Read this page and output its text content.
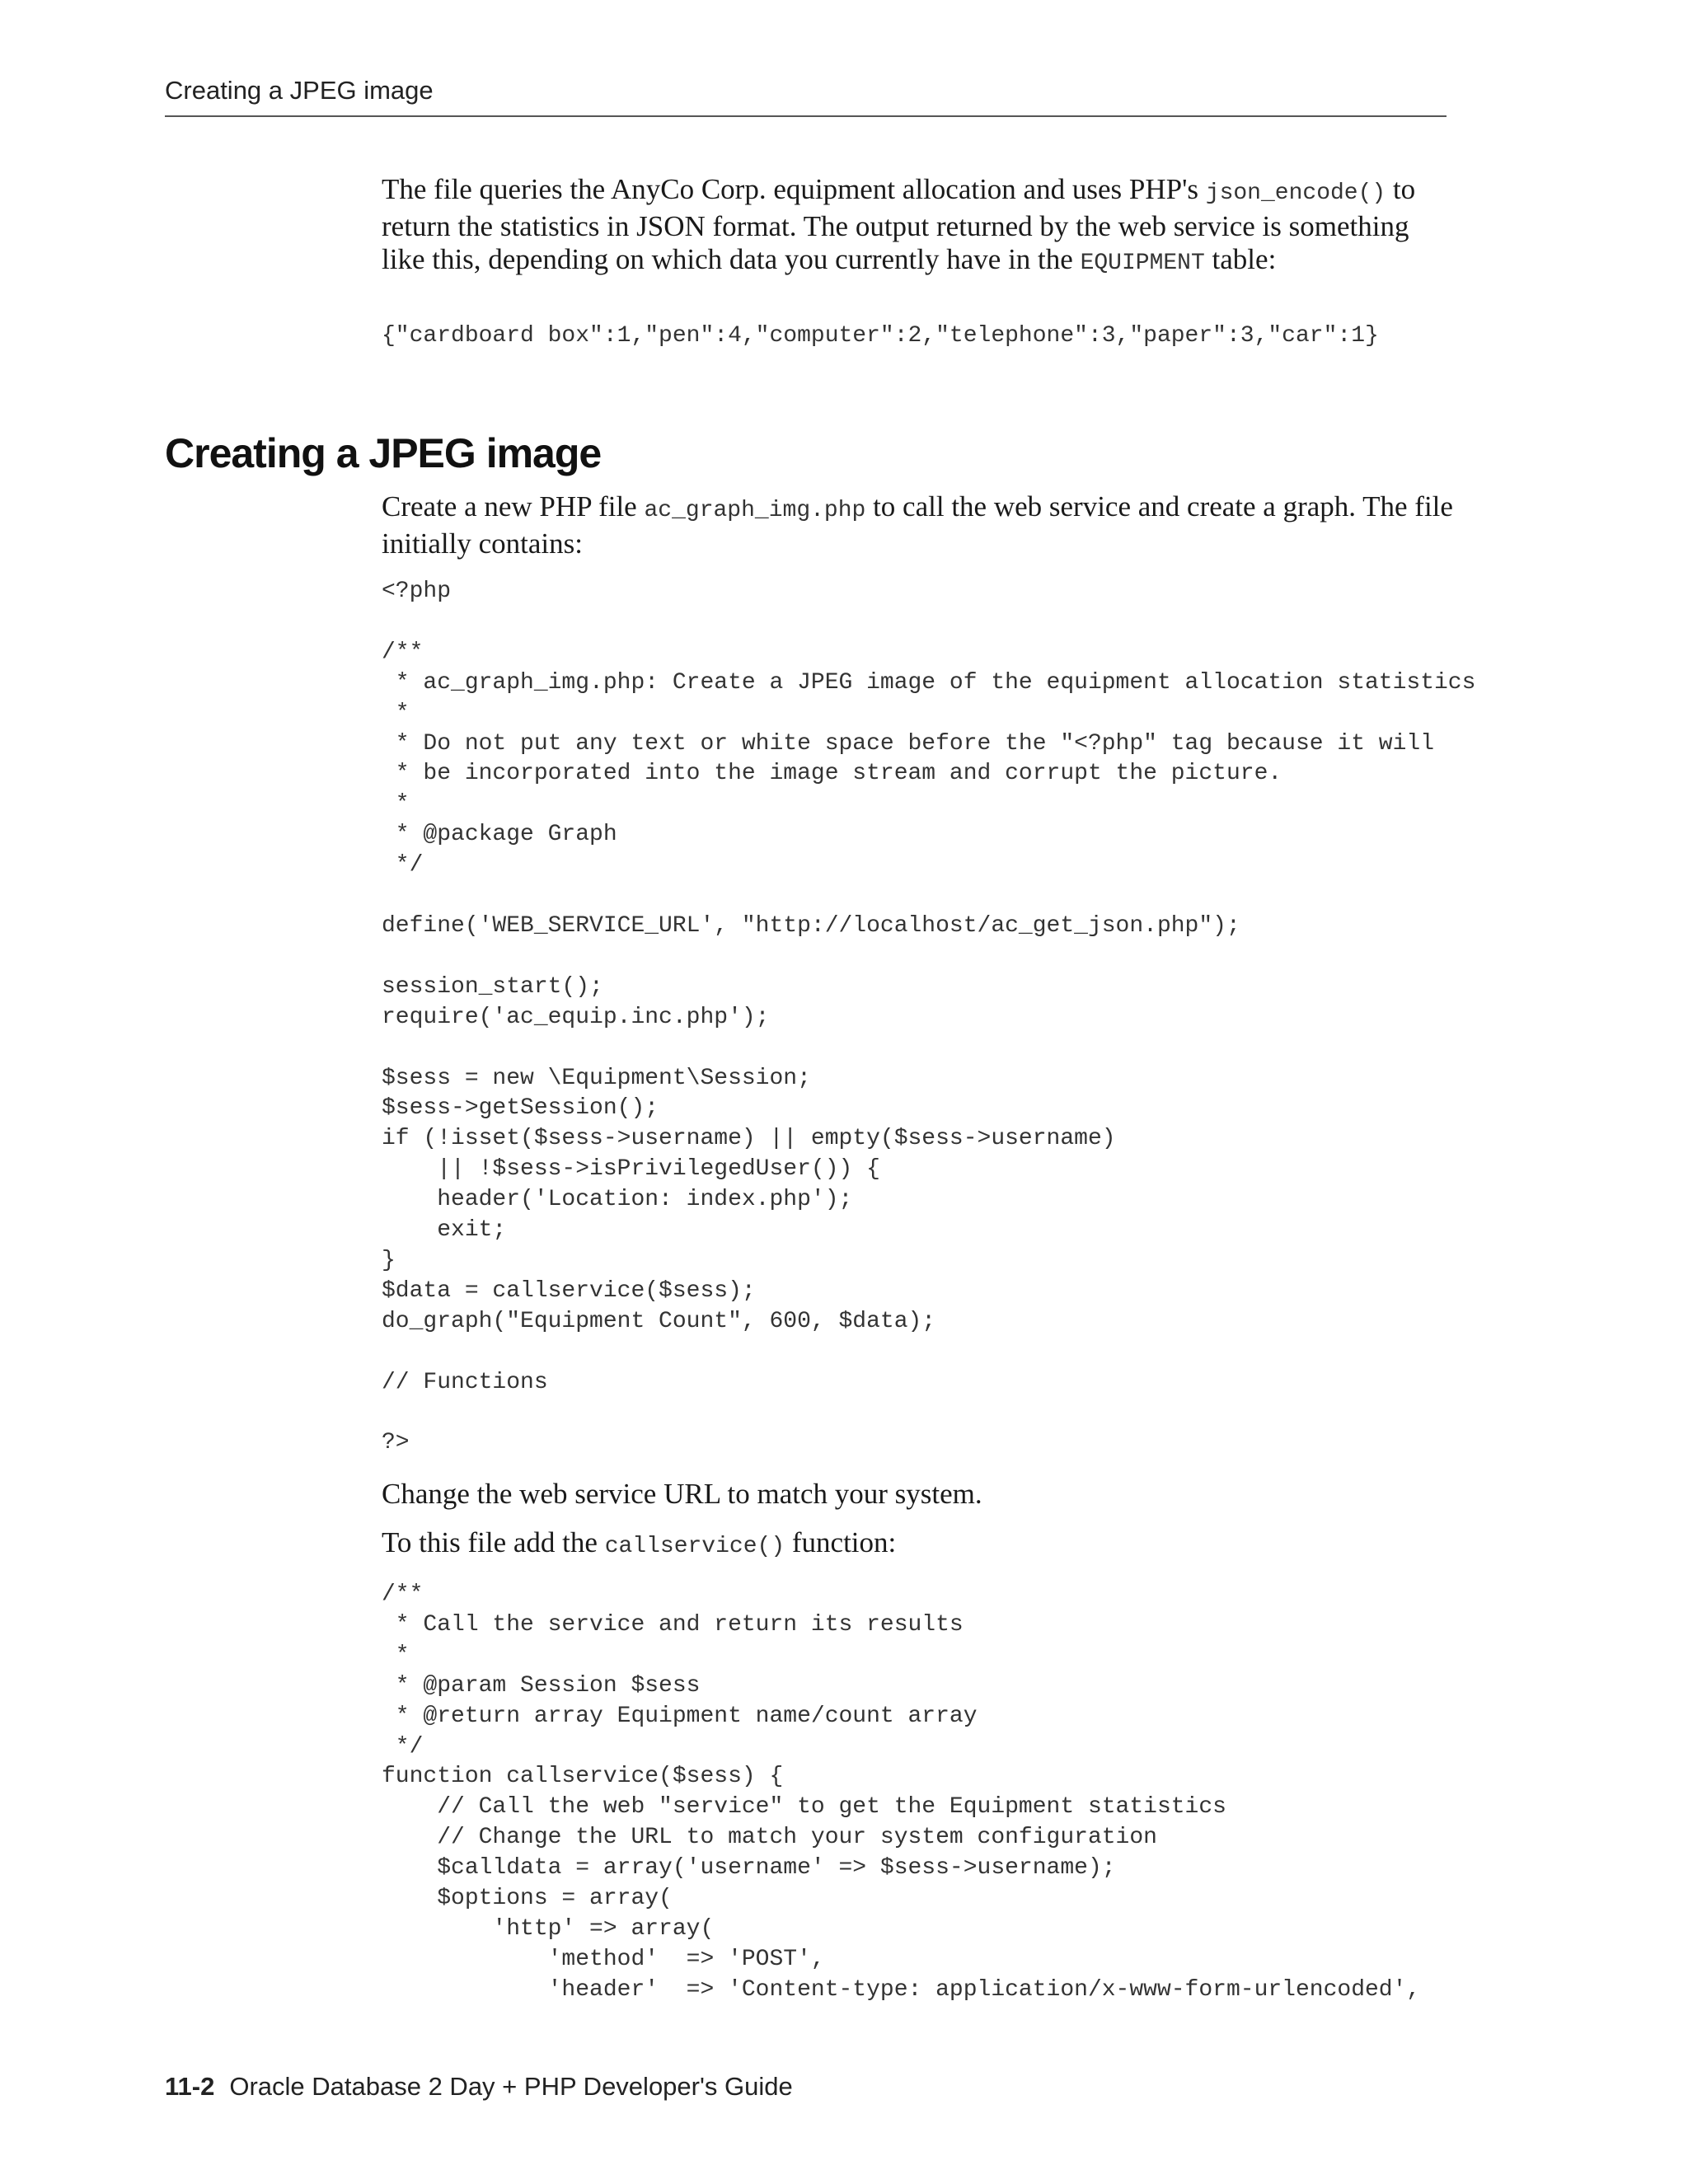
Creating a JPEG image

The file queries the AnyCo Corp. equipment allocation and uses PHP's json_encode() to return the statistics in JSON format. The output returned by the web service is something like this, depending on which data you currently have in the EQUIPMENT table:

{"cardboard box":1,"pen":4,"computer":2,"telephone":3,"paper":3,"car":1}
Creating a JPEG image

Create a new PHP file ac_graph_img.php to call the web service and create a graph. The file initially contains:

<?php

/**
* ac_graph_img.php: Create a JPEG image of the equipment allocation statistics
*
* Do not put any text or white space before the "<?php" tag because it will
* be incorporated into the image stream and corrupt the picture.
*
* @package Graph
*/

define('WEB_SERVICE_URL', "http://localhost/ac_get_json.php");

session_start();
require('ac_equip.inc.php');

$sess = new \Equipment\Session;
$sess->getSession();
if (!isset($sess->username) || empty($sess->username)
|| !$sess->isPrivilegedUser()) {
header('Location: index.php');
exit;
}
$data = callservice($sess);
do_graph("Equipment Count", 600, $data);

// Functions

?>

Change the web service URL to match your system.

To this file add the callservice() function:

/**
* Call the service and return its results
*
* @param Session $sess
* @return array Equipment name/count array
*/
function callservice($sess) {
// Call the web "service" to get the Equipment statistics
// Change the URL to match your system configuration
$calldata = array('username' => $sess->username);
$options = array(
'http' => array(
'method'  => 'POST',
'header'  => 'Content-type: application/x-www-form-urlencoded',
11-2 Oracle Database 2 Day + PHP Developer's Guide
